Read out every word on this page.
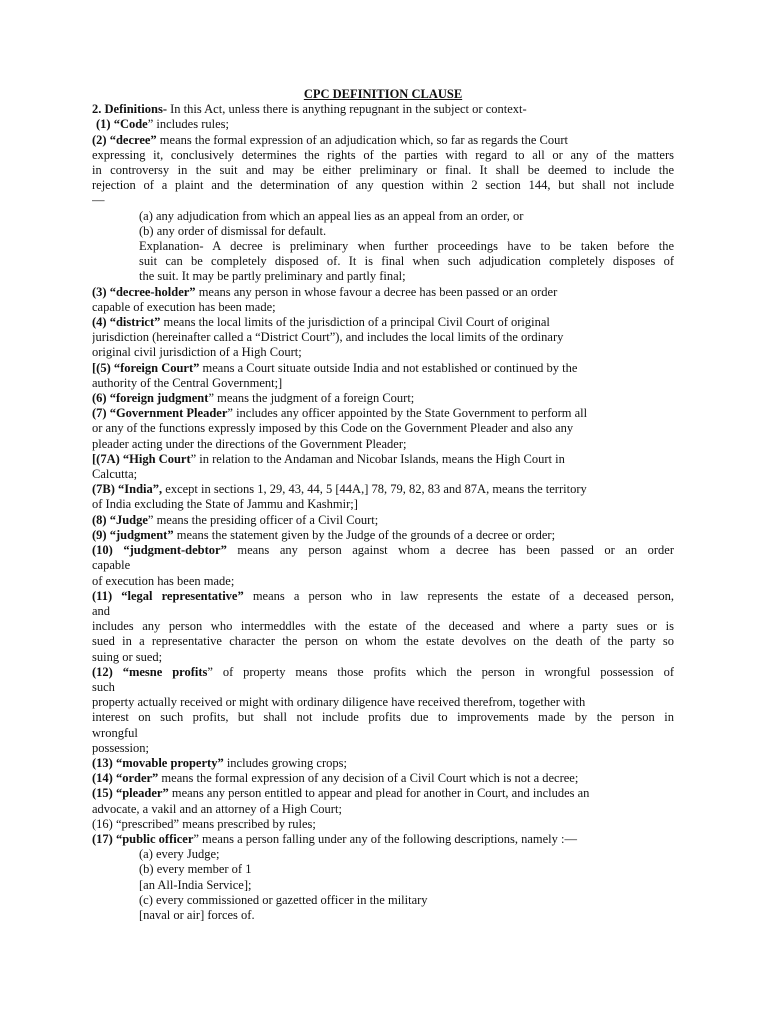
CPC DEFINITION CLAUSE
2. Definitions- In this Act, unless there is anything repugnant in the subject or context-
(1) “Code” includes rules;
(2) “decree” means the formal expression of an adjudication which, so far as regards the Court
expressing it, conclusively determines the rights of the parties with regard to all or any of the matters
in controversy in the suit and may be either preliminary or final. It shall be deemed to include the
rejection of a plaint and the determination of any question within 2 section 144, but shall not include
—
(a) any adjudication from which an appeal lies as an appeal from an order, or
(b) any order of dismissal for default.
Explanation- A decree is preliminary when further proceedings have to be taken before the
suit can be completely disposed of. It is final when such adjudication completely disposes of
the suit. It may be partly preliminary and partly final;
(3) “decree-holder” means any person in whose favour a decree has been passed or an order
capable of execution has been made;
(4) “district” means the local limits of the jurisdiction of a principal Civil Court of original
jurisdiction (hereinafter called a “District Court”), and includes the local limits of the ordinary
original civil jurisdiction of a High Court;
[(5) “foreign Court” means a Court situate outside India and not established or continued by the
authority of the Central Government;]
(6) “foreign judgment” means the judgment of a foreign Court;
(7) “Government Pleader” includes any officer appointed by the State Government to perform all
or any of the functions expressly imposed by this Code on the Government Pleader and also any
pleader acting under the directions of the Government Pleader;
[(7A) “High Court” in relation to the Andaman and Nicobar Islands, means the High Court in
Calcutta;
(7B) “India”, except in sections 1, 29, 43, 44, 5 [44A,] 78, 79, 82, 83 and 87A, means the territory
of India excluding the State of Jammu and Kashmir;]
(8) “Judge” means the presiding officer of a Civil Court;
(9) “judgment” means the statement given by the Judge of the grounds of a decree or order;
(10) “judgment-debtor” means any person against whom a decree has been passed or an order
capable
of execution has been made;
(11) “legal representative” means a person who in law represents the estate of a deceased person,
and
includes any person who intermeddles with the estate of the deceased and where a party sues or is
sued in a representative character the person on whom the estate devolves on the death of the party so
suing or sued;
(12) “mesne profits” of property means those profits which the person in wrongful possession of
such
property actually received or might with ordinary diligence have received therefrom, together with
interest on such profits, but shall not include profits due to improvements made by the person in
wrongful
possession;
(13) “movable property” includes growing crops;
(14) “order” means the formal expression of any decision of a Civil Court which is not a decree;
(15) “pleader” means any person entitled to appear and plead for another in Court, and includes an
advocate, a vakil and an attorney of a High Court;
(16) “prescribed” means prescribed by rules;
(17) “public officer” means a person falling under any of the following descriptions, namely :—
(a) every Judge;
(b) every member of 1
[an All-India Service];
(c) every commissioned or gazetted officer in the military
[naval or air] forces of.
